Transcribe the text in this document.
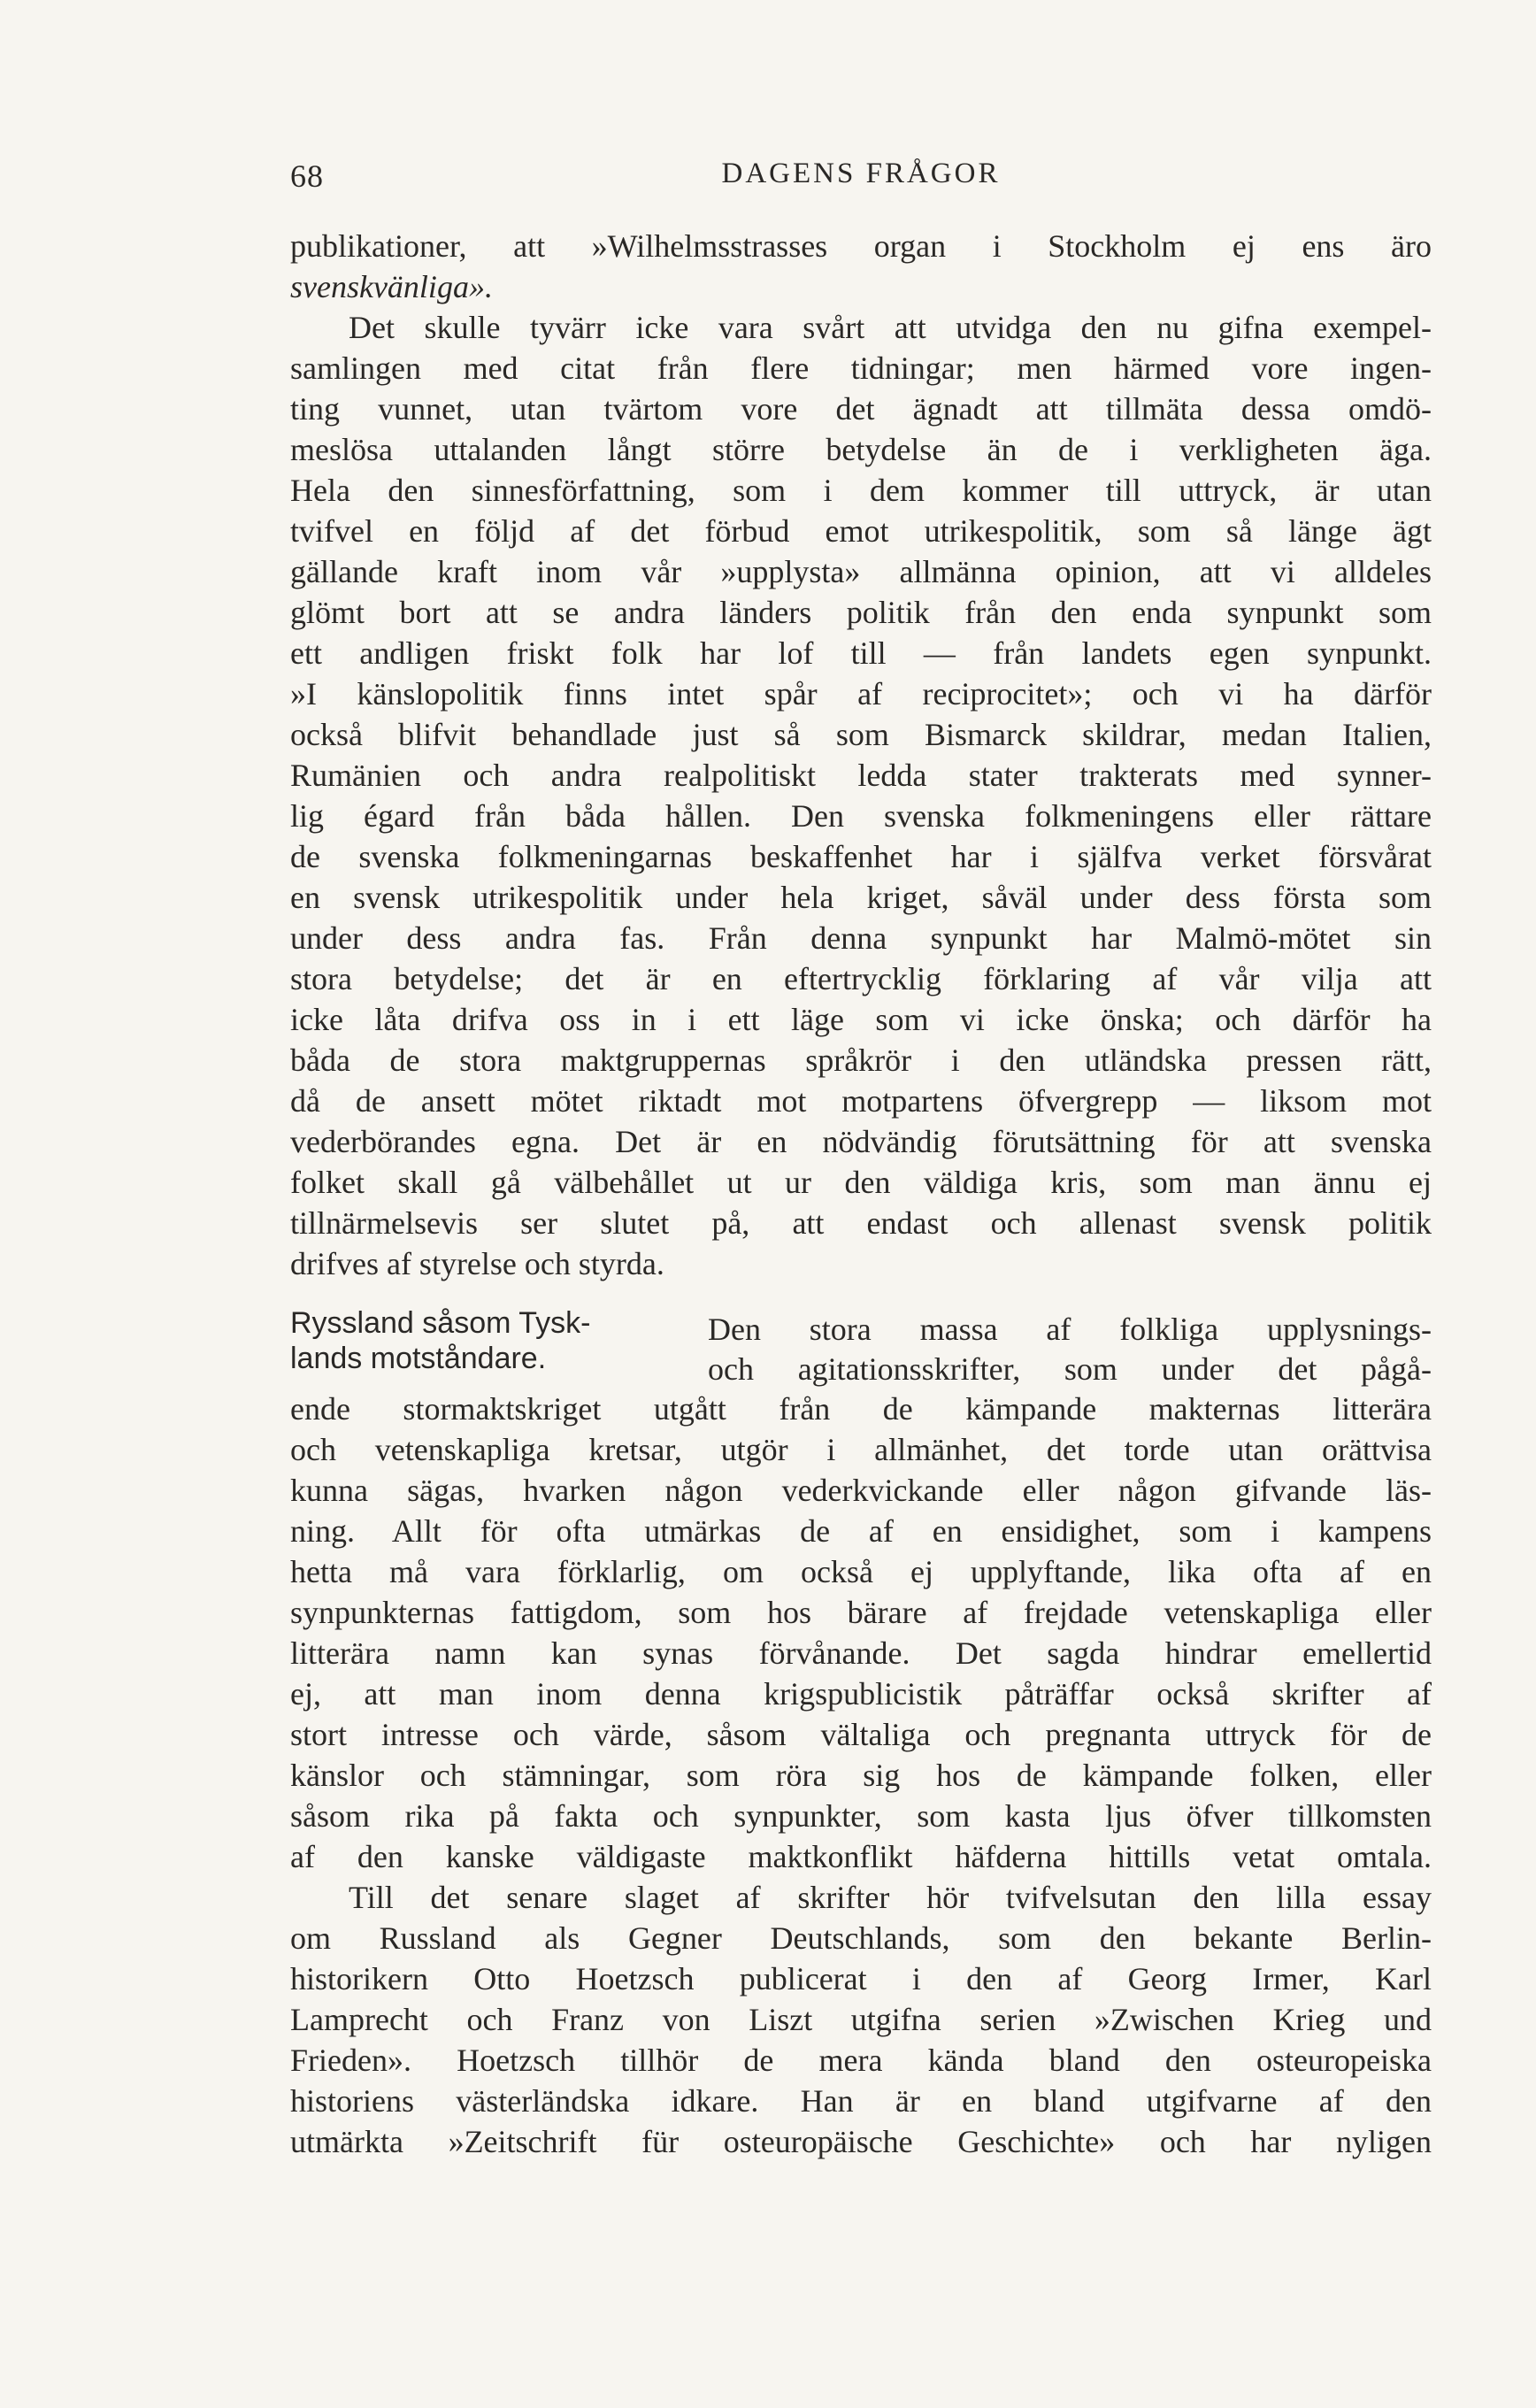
68	DAGENS FRÅGOR
publikationer, att »Wilhelmsstrasses organ i Stockholm ej ens äro
svenskvänliga».
Det skulle tyvärr icke vara svårt att utvidga den nu gifna exempel-
samlingen med citat från flere tidningar; men härmed vore ingen-
ting vunnet, utan tvärtom vore det ägnadt att tillmäta dessa omdö-
meslösa uttalanden långt större betydelse än de i verkligheten äga.
Hela den sinnesförfattning, som i dem kommer till uttryck, är utan
tvifvel en följd af det förbud emot utrikespolitik, som så länge ägt
gällande kraft inom vår »upplysta» allmänna opinion, att vi alldeles
glömt bort att se andra länders politik från den enda synpunkt som
ett andligen friskt folk har lof till — från landets egen synpunkt.
»I känslopolitik finns intet spår af reciprocitet»; och vi ha därför
också blifvit behandlade just så som Bismarck skildrar, medan Italien,
Rumänien och andra realpolitiskt ledda stater trakterats med synner-
lig égard från båda hållen. Den svenska folkmeningens eller rättare
de svenska folkmeningarnas beskaffenhet har i själfva verket försvårat
en svensk utrikespolitik under hela kriget, såväl under dess första som
under dess andra fas. Från denna synpunkt har Malmö-mötet sin
stora betydelse; det är en eftertrycklig förklaring af vår vilja att
icke låta drifva oss in i ett läge som vi icke önska; och därför ha
båda de stora maktgruppernas språkrör i den utländska pressen rätt,
då de ansett mötet riktadt mot motpartens öfvergrepp — liksom mot
vederbörandes egna. Det är en nödvändig förutsättning för att svenska
folket skall gå välbehållet ut ur den väldiga kris, som man ännu ej
tillnärmelsevis ser slutet på, att endast och allenast svensk politik
drifves af styrelse och styrda.
Ryssland såsom Tysk-
lands motståndare.
Den stora massa af folkliga upplysnings-
och agitationsskrifter, som under det pågå-
ende stormaktskriget utgått från de kämpande makternas litterära
och vetenskapliga kretsar, utgör i allmänhet, det torde utan orättvisa
kunna sägas, hvarken någon vederkvickande eller någon gifvande läs-
ning. Allt för ofta utmärkas de af en ensidighet, som i kampens
hetta må vara förklarlig, om också ej upplyftande, lika ofta af en
synpunkternas fattigdom, som hos bärare af frejdade vetenskapliga eller
litterära namn kan synas förvånande. Det sagda hindrar emellertid
ej, att man inom denna krigspublicistik påträffar också skrifter af
stort intresse och värde, såsom vältaliga och pregnanta uttryck för de
känslor och stämningar, som röra sig hos de kämpande folken, eller
såsom rika på fakta och synpunkter, som kasta ljus öfver tillkomsten
af den kanske väldigaste maktkonflikt häfderna hittills vetat omtala.
Till det senare slaget af skrifter hör tvifvelsutan den lilla essay
om Russland als Gegner Deutschlands, som den bekante Berlin-
historikern Otto Hoetzsch publicerat i den af Georg Irmer, Karl
Lamprecht och Franz von Liszt utgifna serien »Zwischen Krieg und
Frieden». Hoetzsch tillhör de mera kända bland den osteuropeiska
historiens västerländska idkare. Han är en bland utgifvarne af den
utmärkta »Zeitschrift für osteuropäische Geschichte» och har nyligen
